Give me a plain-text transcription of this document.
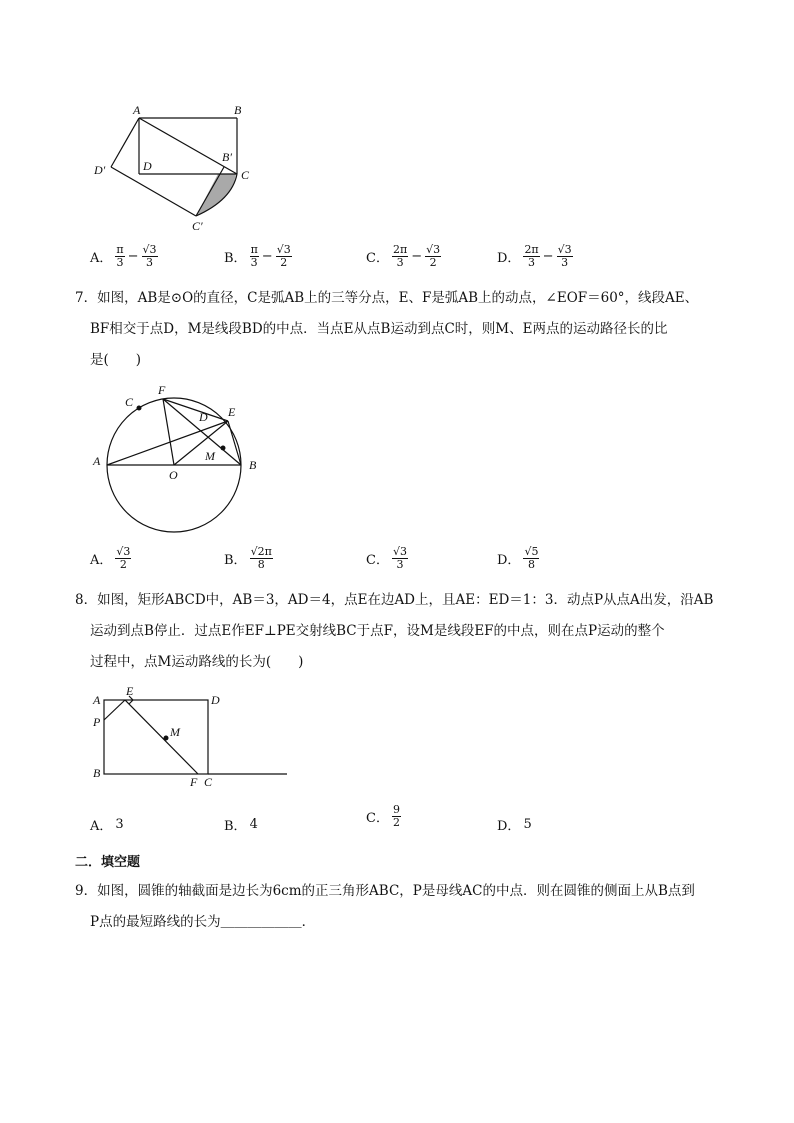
A	B
D′	D
B′
C
C′
A． $\frac{\pi}{3} - \frac{√3}{3}$	B． $\frac{\pi}{3} - \frac{√3}{2}$	C． $\frac{2\pi}{3} - \frac{√3}{2}$	D． $\frac{2\pi}{3} - \frac{√3}{3}$
7．如图，AB是⊙O的直径，C是弧AB上的三等分点，E、F是弧AB上的动点，∠EOF＝60°，线段AE、
BF相交于点D，M是线段BD的中点．当点E从点B运动到点C时，则M、E两点的运动路径长的比
是(　　)
C
F
D E
A	M
O
B
A． $\frac{√3}{2}$	B． $\frac{√2\pi}{8}$	C． $\frac{√3}{3}$	D． $\frac{√5}{8}$
8．如图，矩形ABCD中，AB＝3，AD＝4，点E在边AD上，且AE：ED＝1：3．动点P从点A出发，沿AB
运动到点B停止．过点E作EF⊥PE交射线BC于点F，设M是线段EF的中点，则在点P运动的整个
过程中，点M运动路线的长为(　　)
A
E
D
P
M
B
F C
A． 3	B． 4	C． $\frac{9}{2}$	D． 5
二．填空题
9．如图，圆锥的轴截面是边长为6cm的正三角形ABC，P是母线AC的中点．则在圆锥的侧面上从B点到
P点的最短路线的长为＿＿＿＿＿＿．
